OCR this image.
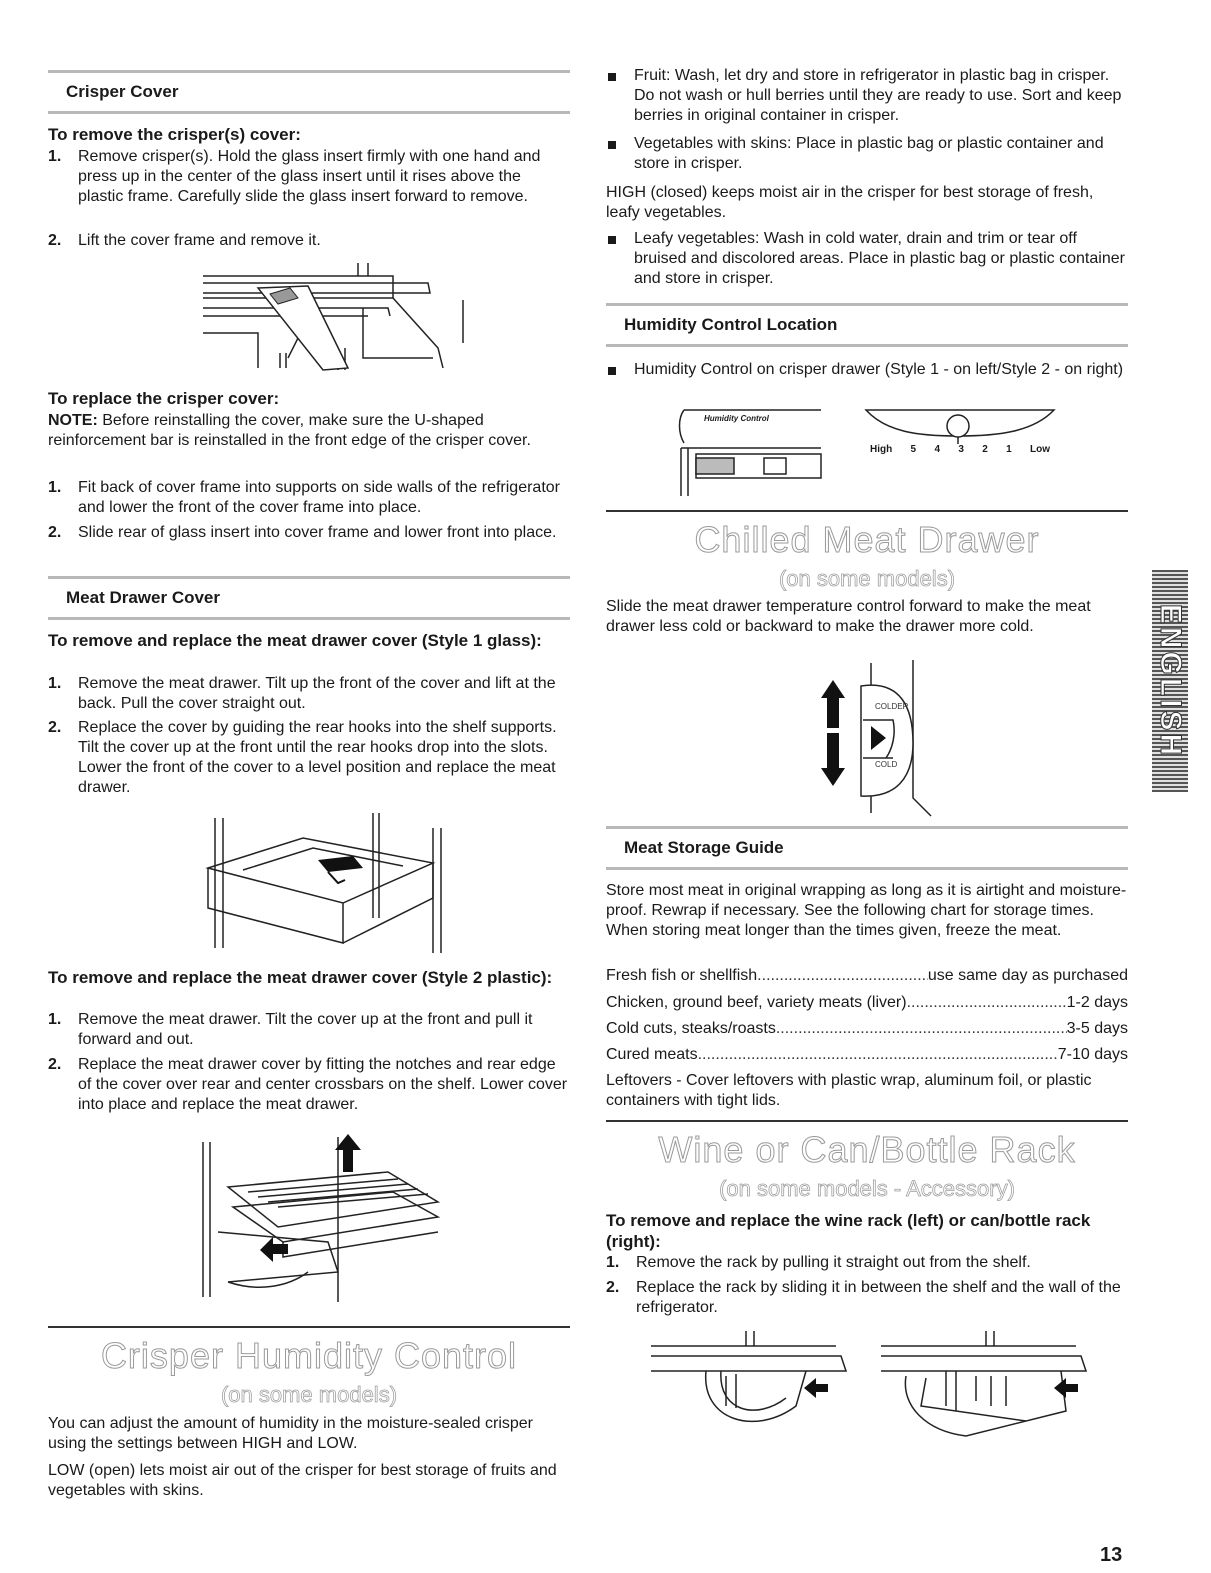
Crisper Cover
To remove the crisper(s) cover:
1. Remove crisper(s). Hold the glass insert firmly with one hand and press up in the center of the glass insert until it rises above the plastic frame. Carefully slide the glass insert forward to remove.
2. Lift the cover frame and remove it.
To replace the crisper cover:
NOTE: Before reinstalling the cover, make sure the U-shaped reinforcement bar is reinstalled in the front edge of the crisper cover.
1. Fit back of cover frame into supports on side walls of the refrigerator and lower the front of the cover frame into place.
2. Slide rear of glass insert into cover frame and lower front into place.
Meat Drawer Cover
To remove and replace the meat drawer cover (Style 1 glass):
1. Remove the meat drawer. Tilt up the front of the cover and lift at the back. Pull the cover straight out.
2. Replace the cover by guiding the rear hooks into the shelf supports. Tilt the cover up at the front until the rear hooks drop into the slots. Lower the front of the cover to a level position and replace the meat drawer.
To remove and replace the meat drawer cover (Style 2 plastic):
1. Remove the meat drawer. Tilt the cover up at the front and pull it forward and out.
2. Replace the meat drawer cover by fitting the notches and rear edge of the cover over rear and center crossbars on the shelf. Lower cover into place and replace the meat drawer.
Crisper Humidity Control
(on some models)
You can adjust the amount of humidity in the moisture-sealed crisper using the settings between HIGH and LOW.
LOW (open) lets moist air out of the crisper for best storage of fruits and vegetables with skins.
Fruit: Wash, let dry and store in refrigerator in plastic bag in crisper. Do not wash or hull berries until they are ready to use. Sort and keep berries in original container in crisper.
Vegetables with skins: Place in plastic bag or plastic container and store in crisper.
HIGH (closed) keeps moist air in the crisper for best storage of fresh, leafy vegetables.
Leafy vegetables: Wash in cold water, drain and trim or tear off bruised and discolored areas. Place in plastic bag or plastic container and store in crisper.
Humidity Control Location
Humidity Control on crisper drawer (Style 1 - on left/Style 2 - on right)
Humidity Control
High 5 4 3 2 1 Low
Chilled Meat Drawer
(on some models)
Slide the meat drawer temperature control forward to make the meat drawer less cold or backward to make the drawer more cold.
COLDER
COLD
Meat Storage Guide
Store most meat in original wrapping as long as it is airtight and moisture-proof. Rewrap if necessary. See the following chart for storage times. When storing meat longer than the times given, freeze the meat.
Fresh fish or shellfish .....	use same day as purchased
Chicken, ground beef, variety meats (liver) .....	1-2 days
Cold cuts, steaks/roasts .....	3-5 days
Cured meats .....	7-10 days
Leftovers - Cover leftovers with plastic wrap, aluminum foil, or plastic containers with tight lids.
Wine or Can/Bottle Rack
(on some models - Accessory)
To remove and replace the wine rack (left) or can/bottle rack (right):
1. Remove the rack by pulling it straight out from the shelf.
2. Replace the rack by sliding it in between the shelf and the wall of the refrigerator.
ENGLISH
13
